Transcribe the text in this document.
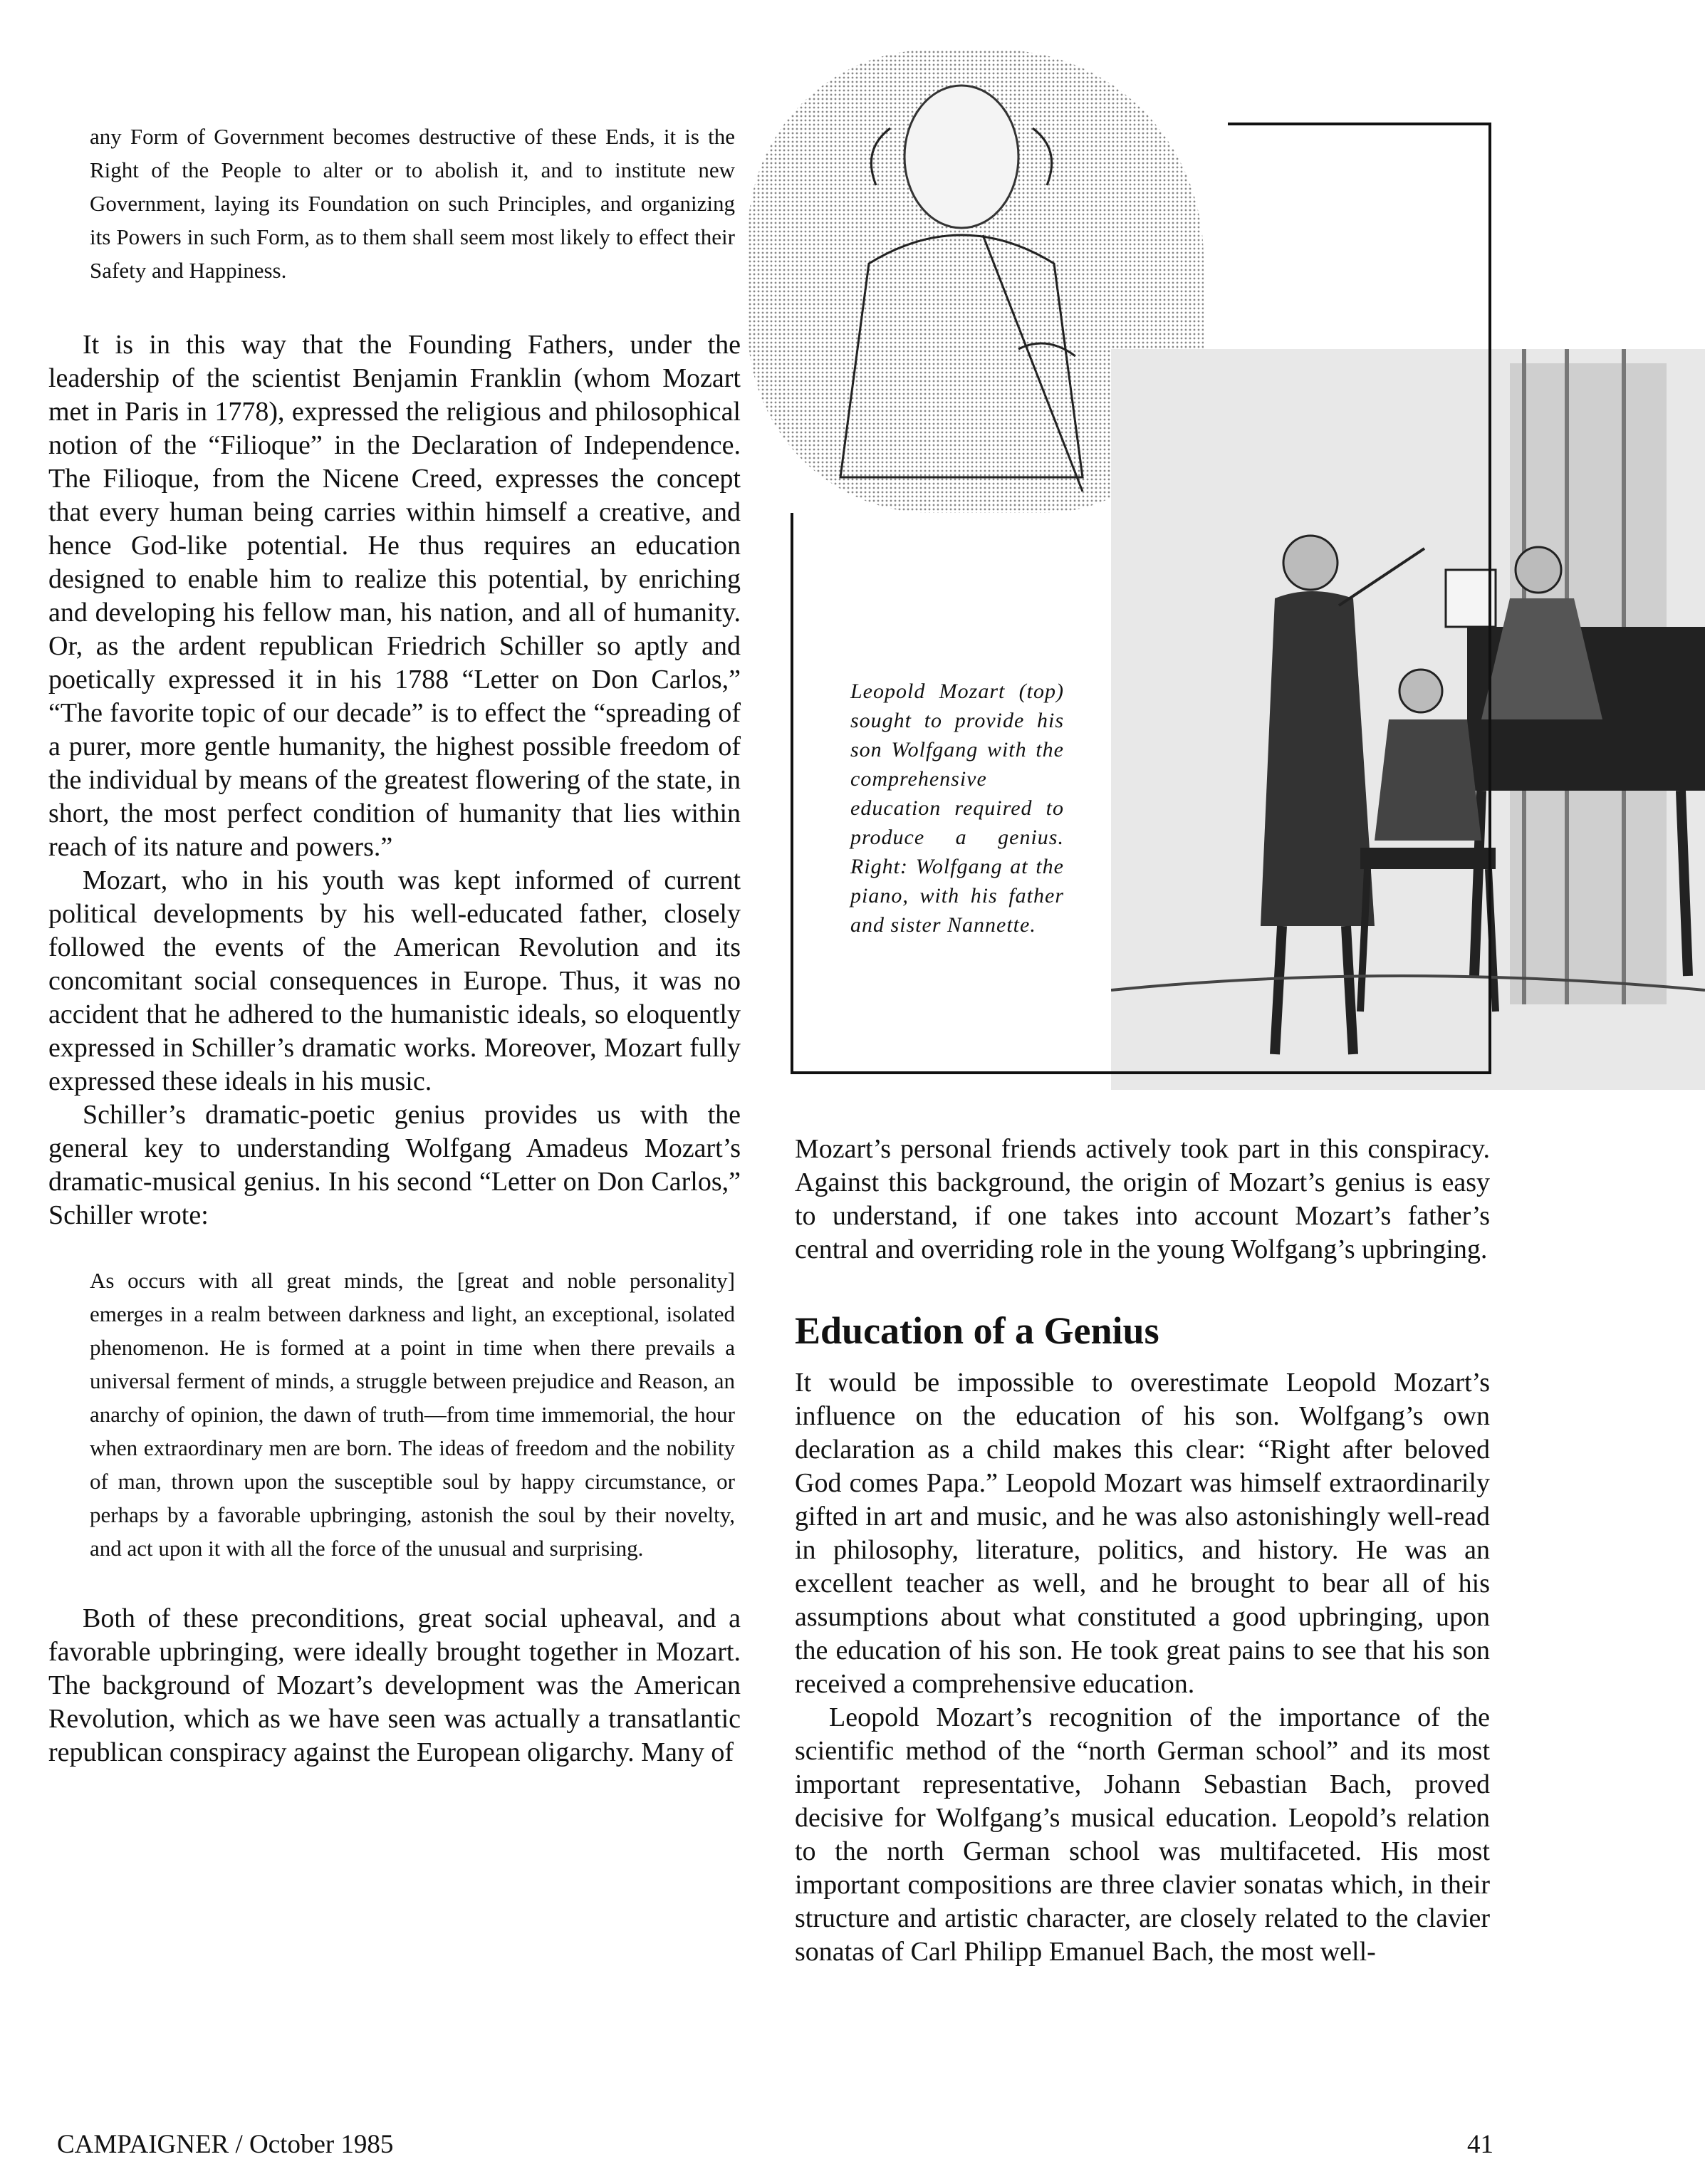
any Form of Government becomes destructive of these Ends, it is the Right of the People to alter or to abolish it, and to institute new Government, laying its Foundation on such Principles, and organizing its Powers in such Form, as to them shall seem most likely to effect their Safety and Happiness.

It is in this way that the Founding Fathers, under the leadership of the scientist Benjamin Franklin (whom Mozart met in Paris in 1778), expressed the religious and philosophical notion of the “Filioque” in the Declaration of Independence. The Filioque, from the Nicene Creed, expresses the concept that every human being carries within himself a creative, and hence God-like potential. He thus requires an education designed to enable him to realize this potential, by enriching and developing his fellow man, his nation, and all of humanity. Or, as the ardent republican Friedrich Schiller so aptly and poetically expressed it in his 1788 “Letter on Don Carlos,” “The favorite topic of our decade” is to effect the “spreading of a purer, more gentle humanity, the highest possible freedom of the individual by means of the greatest flowering of the state, in short, the most perfect condition of humanity that lies within reach of its nature and powers.”

Mozart, who in his youth was kept informed of current political developments by his well-educated father, closely followed the events of the American Revolution and its concomitant social consequences in Europe. Thus, it was no accident that he adhered to the humanistic ideals, so eloquently expressed in Schiller’s dramatic works. Moreover, Mozart fully expressed these ideals in his music.

Schiller’s dramatic-poetic genius provides us with the general key to understanding Wolfgang Amadeus Mozart’s dramatic-musical genius. In his second “Letter on Don Carlos,” Schiller wrote:

As occurs with all great minds, the [great and noble personality] emerges in a realm between darkness and light, an exceptional, isolated phenomenon. He is formed at a point in time when there prevails a universal ferment of minds, a struggle between prejudice and Reason, an anarchy of opinion, the dawn of truth—from time immemorial, the hour when extraordinary men are born. The ideas of freedom and the nobility of man, thrown upon the susceptible soul by happy circumstance, or perhaps by a favorable upbringing, astonish the soul by their novelty, and act upon it with all the force of the unusual and surprising.

Both of these preconditions, great social upheaval, and a favorable upbringing, were ideally brought together in Mozart. The background of Mozart’s development was the American Revolution, which as we have seen was actually a transatlantic republican conspiracy against the European oligarchy. Many of

Leopold Mozart (top) sought to provide his son Wolfgang with the comprehensive education required to produce a genius. Right: Wolfgang at the piano, with his father and sister Nannette.

Mozart’s personal friends actively took part in this conspiracy. Against this background, the origin of Mozart’s genius is easy to understand, if one takes into account Mozart’s father’s central and overriding role in the young Wolfgang’s upbringing.

Education of a Genius

It would be impossible to overestimate Leopold Mozart’s influence on the education of his son. Wolfgang’s own declaration as a child makes this clear: “Right after beloved God comes Papa.” Leopold Mozart was himself extraordinarily gifted in art and music, and he was also astonishingly well-read in philosophy, literature, politics, and history. He was an excellent teacher as well, and he brought to bear all of his assumptions about what constituted a good upbringing, upon the education of his son. He took great pains to see that his son received a comprehensive education.

Leopold Mozart’s recognition of the importance of the scientific method of the “north German school” and its most important representative, Johann Sebastian Bach, proved decisive for Wolfgang’s musical education. Leopold’s relation to the north German school was multifaceted. His most important compositions are three clavier sonatas which, in their structure and artistic character, are closely related to the clavier sonatas of Carl Philipp Emanuel Bach, the most well-

CAMPAIGNER / October 1985	41
